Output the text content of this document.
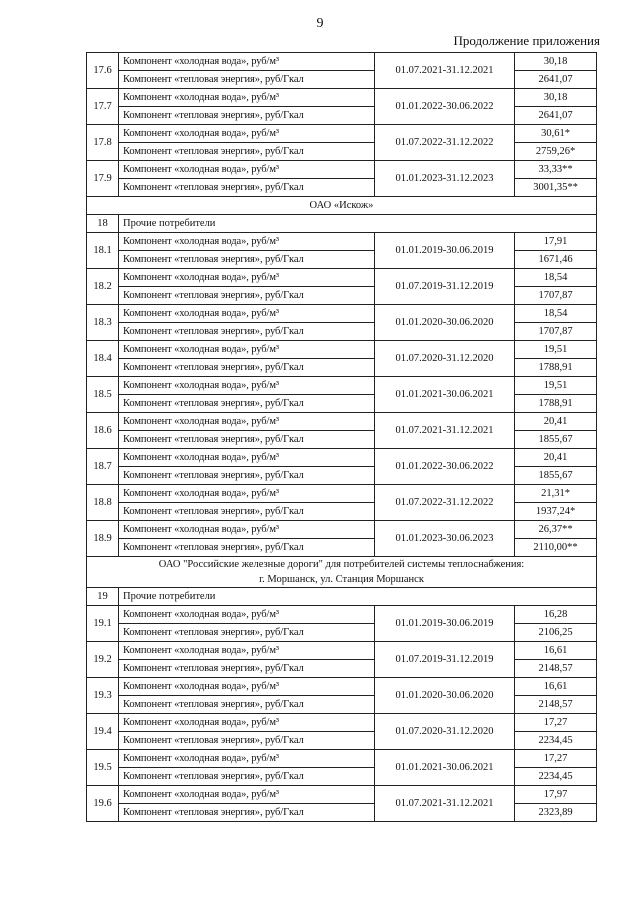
9
Продолжение приложения
17.6	Компонент «холодная вода», руб/м³	01.07.2021-31.12.2021	30,18
	Компонент «тепловая энергия», руб/Гкал		2641,07
17.7	Компонент «холодная вода», руб/м³	01.01.2022-30.06.2022	30,18
	Компонент «тепловая энергия», руб/Гкал		2641,07
17.8	Компонент «холодная вода», руб/м³	01.07.2022-31.12.2022	30,61*
	Компонент «тепловая энергия», руб/Гкал		2759,26*
17.9	Компонент «холодная вода», руб/м³	01.01.2023-31.12.2023	33,33**
	Компонент «тепловая энергия», руб/Гкал		3001,35**
ОАО «Искож»			
18	Прочие потребители		
18.1	Компонент «холодная вода», руб/м³	01.01.2019-30.06.2019	17,91
	Компонент «тепловая энергия», руб/Гкал		1671,46
18.2	Компонент «холодная вода», руб/м³	01.07.2019-31.12.2019	18,54
	Компонент «тепловая энергия», руб/Гкал		1707,87
18.3	Компонент «холодная вода», руб/м³	01.01.2020-30.06.2020	18,54
	Компонент «тепловая энергия», руб/Гкал		1707,87
18.4	Компонент «холодная вода», руб/м³	01.07.2020-31.12.2020	19,51
	Компонент «тепловая энергия», руб/Гкал		1788,91
18.5	Компонент «холодная вода», руб/м³	01.01.2021-30.06.2021	19,51
	Компонент «тепловая энергия», руб/Гкал		1788,91
18.6	Компонент «холодная вода», руб/м³	01.07.2021-31.12.2021	20,41
	Компонент «тепловая энергия», руб/Гкал		1855,67
18.7	Компонент «холодная вода», руб/м³	01.01.2022-30.06.2022	20,41
	Компонент «тепловая энергия», руб/Гкал		1855,67
18.8	Компонент «холодная вода», руб/м³	01.07.2022-31.12.2022	21,31*
	Компонент «тепловая энергия», руб/Гкал		1937,24*
18.9	Компонент «холодная вода», руб/м³	01.01.2023-30.06.2023	26,37**
	Компонент «тепловая энергия», руб/Гкал		2110,00**

ОАО "Российские железные дороги" для потребителей системы теплоснабжения:
г. Моршанск, ул. Станция Моршанск			

19	Прочие потребители		
19.1	Компонент «холодная вода», руб/м³	01.01.2019-30.06.2019	16,28
	Компонент «тепловая энергия», руб/Гкал		2106,25
19.2	Компонент «холодная вода», руб/м³	01.07.2019-31.12.2019	16,61
	Компонент «тепловая энергия», руб/Гкал		2148,57
19.3	Компонент «холодная вода», руб/м³	01.01.2020-30.06.2020	16,61
	Компонент «тепловая энергия», руб/Гкал		2148,57
19.4	Компонент «холодная вода», руб/м³	01.07.2020-31.12.2020	17,27
	Компонент «тепловая энергия», руб/Гкал		2234,45
19.5	Компонент «холодная вода», руб/м³	01.01.2021-30.06.2021	17,27
	Компонент «тепловая энергия», руб/Гкал		2234,45
19.6	Компонент «холодная вода», руб/м³	01.07.2021-31.12.2021	17,97
	Компонент «тепловая энергия», руб/Гкал		2323,89
